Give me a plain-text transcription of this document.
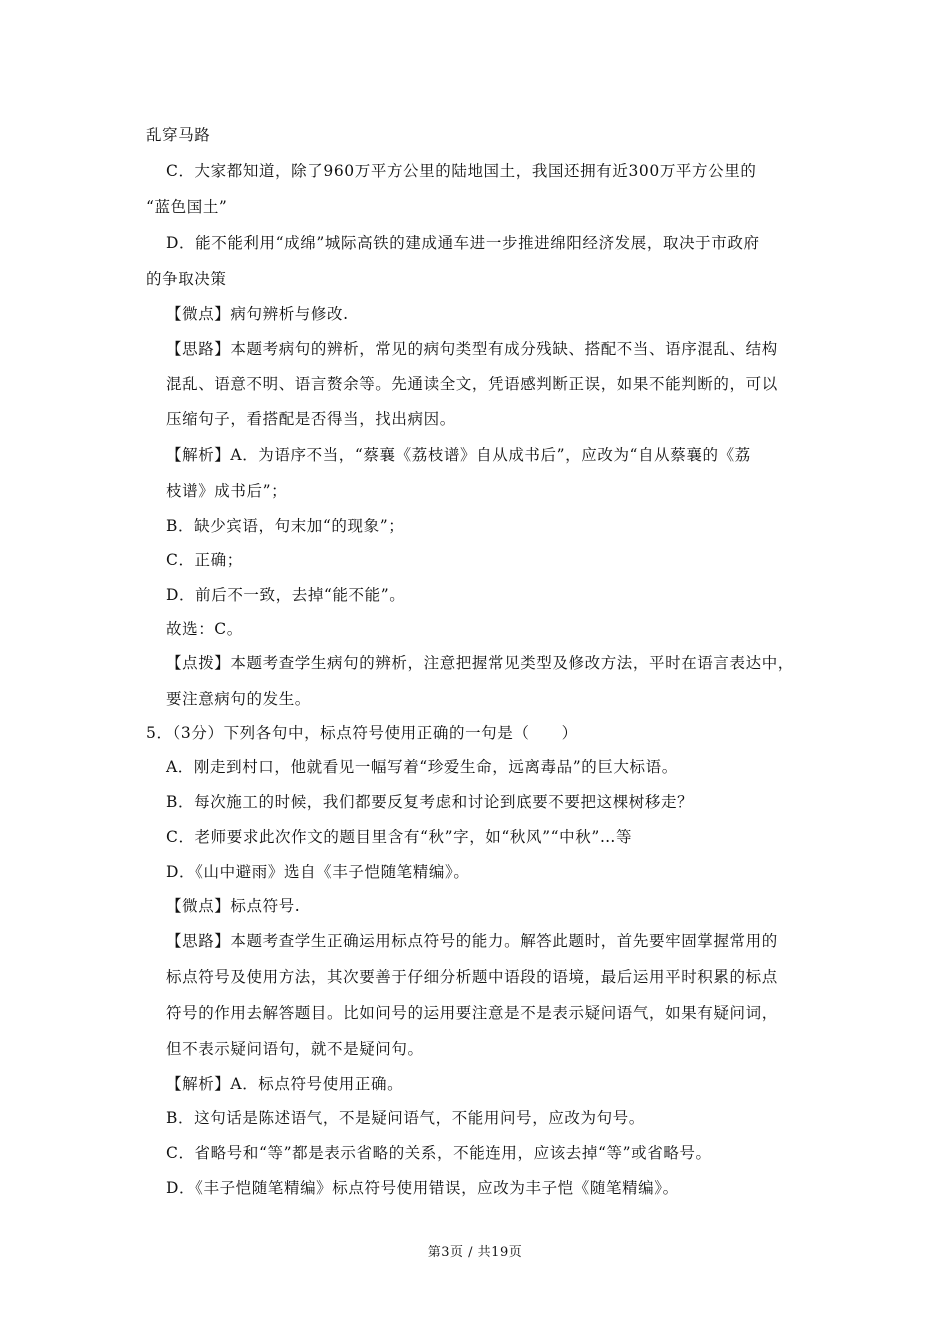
乱穿马路
C．大家都知道，除了960万平方公里的陆地国土，我国还拥有近300万平方公里的
“蓝色国土”
D．能不能利用“成绵”城际高铁的建成通车进一步推进绵阳经济发展，取决于市政府
的争取决策
【微点】病句辨析与修改.
【思路】本题考病句的辨析，常见的病句类型有成分残缺、搭配不当、语序混乱、结构
混乱、语意不明、语言赘余等。先通读全文，凭语感判断正误，如果不能判断的，可以
压缩句子，看搭配是否得当，找出病因。
【解析】A．为语序不当，“蔡襄《荔枝谱》自从成书后”，应改为“自从蔡襄的《荔
枝谱》成书后”；
B．缺少宾语，句末加“的现象”；
C．正确；
D．前后不一致，去掉“能不能”。
故选：C。
【点拨】本题考查学生病句的辨析，注意把握常见类型及修改方法，平时在语言表达中，
要注意病句的发生。
5．（3分）下列各句中，标点符号使用正确的一句是（　　）
A．刚走到村口，他就看见一幅写着“珍爱生命，远离毒品”的巨大标语。
B．每次施工的时候，我们都要反复考虑和讨论到底要不要把这棵树移走？
C．老师要求此次作文的题目里含有“秋”字，如“秋风”“中秋”…等
D．《山中避雨》选自《丰子恺随笔精编》。
【微点】标点符号.
【思路】本题考查学生正确运用标点符号的能力。解答此题时，首先要牢固掌握常用的
标点符号及使用方法，其次要善于仔细分析题中语段的语境，最后运用平时积累的标点
符号的作用去解答题目。比如问号的运用要注意是不是表示疑问语气，如果有疑问词，
但不表示疑问语句，就不是疑问句。
【解析】A．标点符号使用正确。
B．这句话是陈述语气，不是疑问语气，不能用问号，应改为句号。
C．省略号和“等”都是表示省略的关系，不能连用，应该去掉“等”或省略号。
D．《丰子恺随笔精编》标点符号使用错误，应改为丰子恺《随笔精编》。
第3页 / 共19页
